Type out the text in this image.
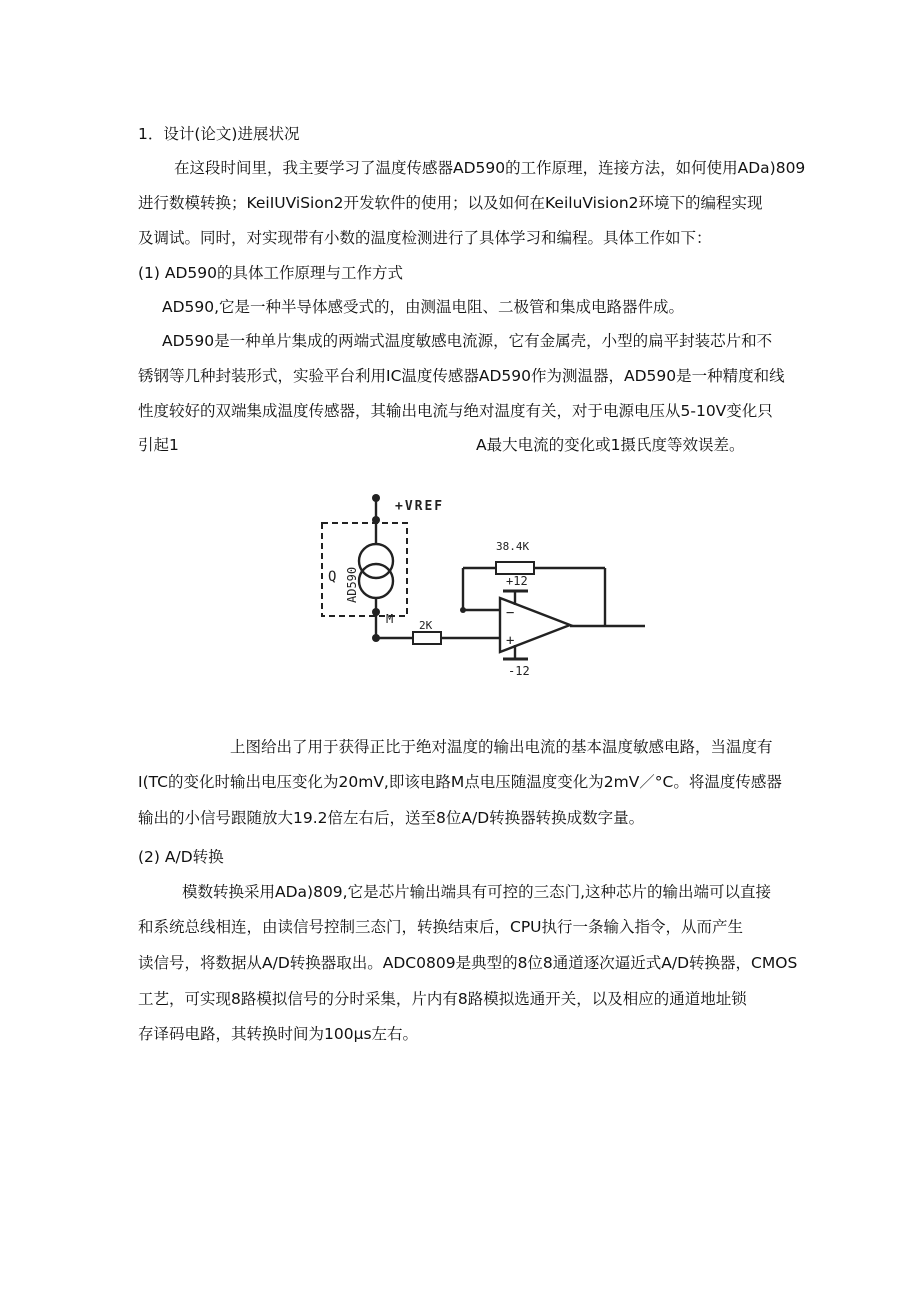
1．设计(论文)进展状况
在这段时间里，我主要学习了温度传感器AD590的工作原理，连接方法，如何使用ADa)809
进行数模转换；KeiIUViSion2开发软件的使用；以及如何在KeiluVision2环境下的编程实现
及调试。同时，对实现带有小数的温度检测进行了具体学习和编程。具体工作如下：
(1) AD590的具体工作原理与工作方式
AD590,它是一种半导体感受式的，由测温电阻、二极管和集成电路器件成。
AD590是一种单片集成的两端式温度敏感电流源，它有金属壳，小型的扁平封装芯片和不
锈钢等几种封装形式，实验平台利用IC温度传感器AD590作为测温器，AD590是一种精度和线
性度较好的双端集成温度传感器，其输出电流与绝对温度有关，对于电源电压从5-10V变化只
引起1	A最大电流的变化或1摄氏度等效误差。
+VREF
AD590
Q
M
38.4K
2K
+12
-12
−
+
上图给出了用于获得正比于绝对温度的输出电流的基本温度敏感电路，当温度有
I(TC的变化时输出电压变化为20mV,即该电路M点电压随温度变化为2mV／°C。将温度传感器
输出的小信号跟随放大19.2倍左右后，送至8位A/D转换器转换成数字量。
(2) A/D转换
模数转换采用ADa)809,它是芯片输出端具有可控的三态门,这种芯片的输出端可以直接
和系统总线相连，由读信号控制三态门，转换结束后，CPU执行一条输入指令，从而产生
读信号，将数据从A/D转换器取出。ADC0809是典型的8位8通道逐次逼近式A/D转换器，CMOS
工艺，可实现8路模拟信号的分时采集，片内有8路模拟选通开关，以及相应的通道地址锁
存译码电路，其转换时间为100μs左右。
